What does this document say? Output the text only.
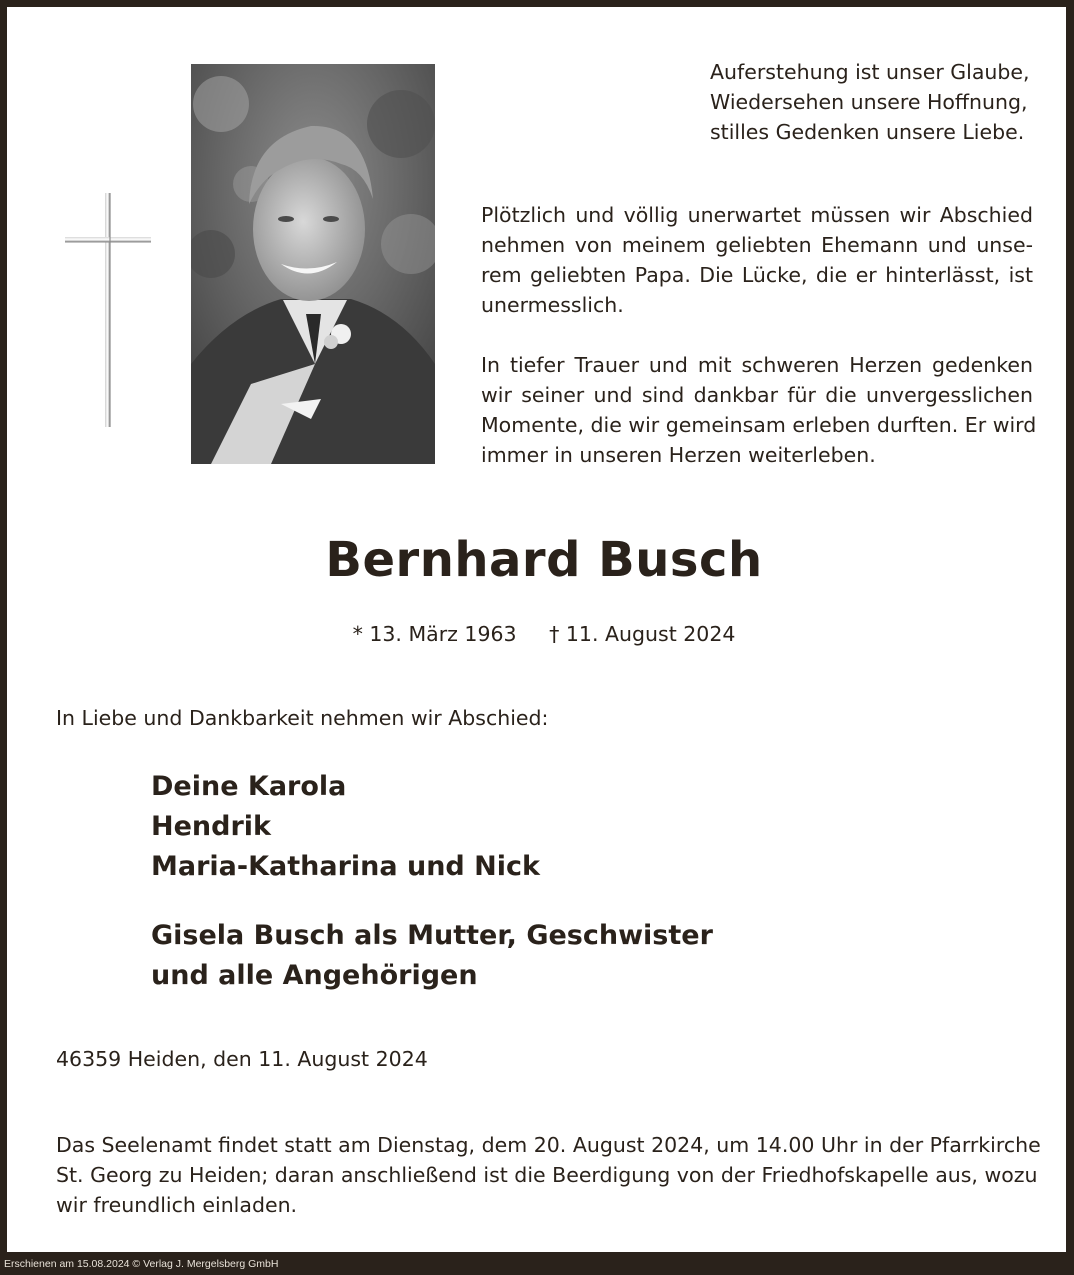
Auferstehung ist unser Glaube,
Wiedersehen unsere Hoffnung,
stilles Gedenken unsere Liebe.
Plötzlich und völlig unerwartet müssen wir Abschied
nehmen von meinem geliebten Ehemann und unse-
rem geliebten Papa. Die Lücke, die er hinterlässt, ist
unermesslich.
In tiefer Trauer und mit schweren Herzen gedenken
wir seiner und sind dankbar für die unvergesslichen
Momente, die wir gemeinsam erleben durften. Er wird
immer in unseren Herzen weiterleben.
Bernhard Busch
* 13. März 1963 † 11. August 2024
In Liebe und Dankbarkeit nehmen wir Abschied:
Deine Karola
Hendrik
Maria-Katharina und Nick
Gisela Busch als Mutter, Geschwister
und alle Angehörigen
46359 Heiden, den 11. August 2024
Das Seelenamt findet statt am Dienstag, dem 20. August 2024, um 14.00 Uhr in der Pfarrkirche
St. Georg zu Heiden; daran anschließend ist die Beerdigung von der Friedhofskapelle aus, wozu
wir freundlich einladen.
Erschienen am 15.08.2024 © Verlag J. Mergelsberg GmbH
